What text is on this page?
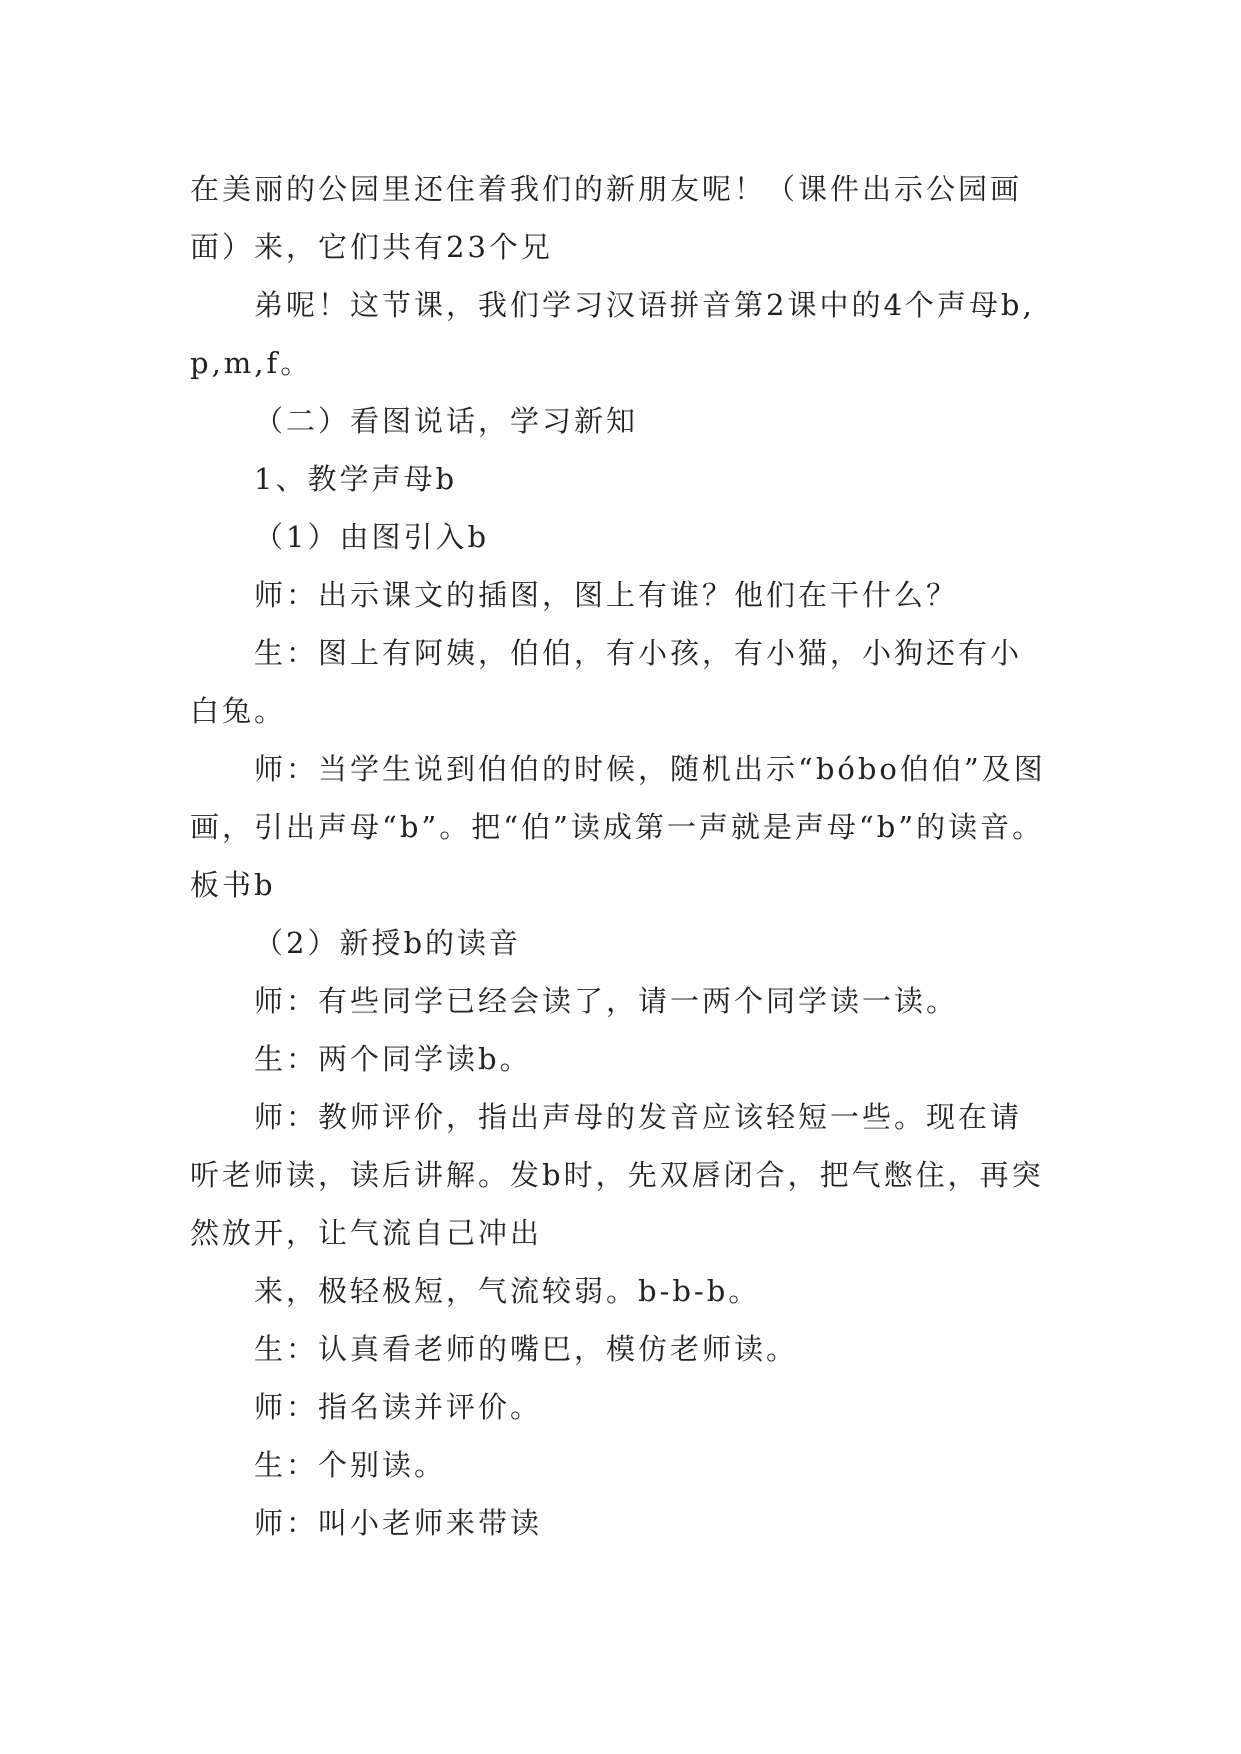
在美丽的公园里还住着我们的新朋友呢！（课件出示公园画面）来，它们共有23个兄

弟呢！这节课，我们学习汉语拼音第2课中的4个声母b,p,m,f。

（二）看图说话，学习新知

1、教学声母b

（1）由图引入b

师：出示课文的插图，图上有谁？他们在干什么？

生：图上有阿姨，伯伯，有小孩，有小猫，小狗还有小白兔。

师：当学生说到伯伯的时候，随机出示“bóbo伯伯”及图画，引出声母“b”。把“伯”读成第一声就是声母“b”的读音。板书b

（2）新授b的读音

师：有些同学已经会读了，请一两个同学读一读。

生：两个同学读b。

师：教师评价，指出声母的发音应该轻短一些。现在请听老师读，读后讲解。发b时，先双唇闭合，把气憋住，再突然放开，让气流自己冲出

来，极轻极短，气流较弱。b-b-b。

生：认真看老师的嘴巴，模仿老师读。

师：指名读并评价。

生：个别读。

师：叫小老师来带读
